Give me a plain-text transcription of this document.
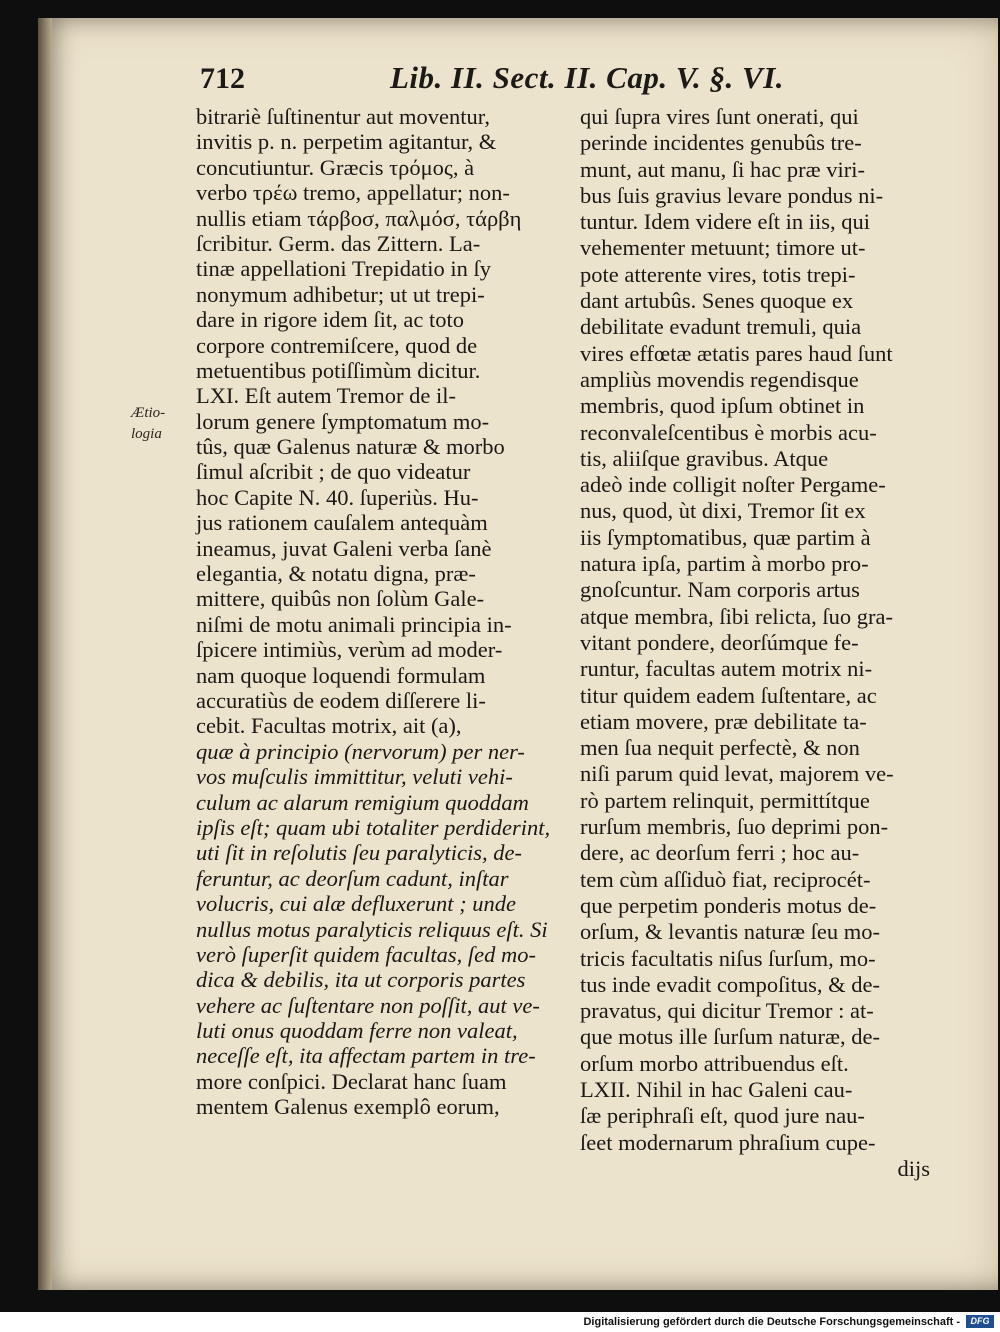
712	Lib. II. Sect. II. Cap. V. §. VI.
Ætio-
logia
bitrariè ſuſtinentur aut moventur,
invitis p. n. perpetim agitantur, &
concutiuntur. Græcis τρόμος, à
verbo τρέω tremo, appellatur; non-
nullis etiam τάρβοσ, παλμόσ, τάρβη
ſcribitur. Germ. das Zittern. La-
tinæ appellationi Trepidatio in ſy
nonymum adhibetur; ut ut trepi-
dare in rigore idem ſit, ac toto
corpore contremiſcere, quod de
metuentibus potiſſimùm dicitur.
LXI. Eſt autem Tremor de il-
lorum genere ſymptomatum mo-
tûs, quæ Galenus naturæ & morbo
ſimul aſcribit ; de quo videatur
hoc Capite N. 40. ſuperiùs. Hu-
jus rationem cauſalem antequàm
ineamus, juvat Galeni verba ſanè
elegantia, & notatu digna, præ-
mittere, quibûs non ſolùm Gale-
niſmi de motu animali principia in-
ſpicere intimiùs, verùm ad moder-
nam quoque loquendi formulam
accuratiùs de eodem diſſerere li-
cebit. Facultas motrix, ait (a),
quæ à principio (nervorum) per ner-
vos muſculis immittitur, veluti vehi-
culum ac alarum remigium quoddam
ipſis eſt; quam ubi totaliter perdiderint,
uti ſit in reſolutis ſeu paralyticis, de-
feruntur, ac deorſum cadunt, inſtar
volucris, cui alæ defluxerunt ; unde
nullus motus paralyticis reliquus eſt. Si
verò ſuperſit quidem facultas, ſed mo-
dica & debilis, ita ut corporis partes
vehere ac ſuſtentare non poſſit, aut ve-
luti onus quoddam ferre non valeat,
neceſſe eſt, ita affectam partem in tre-
more conſpici. Declarat hanc ſuam
mentem Galenus exemplô eorum,
qui ſupra vires ſunt onerati, qui
perinde incidentes genubûs tre-
munt, aut manu, ſi hac præ viri-
bus ſuis gravius levare pondus ni-
tuntur. Idem videre eſt in iis, qui
vehementer metuunt; timore ut-
pote atterente vires, totis trepi-
dant artubûs. Senes quoque ex
debilitate evadunt tremuli, quia
vires effœtæ ætatis pares haud ſunt
ampliùs movendis regendisque
membris, quod ipſum obtinet in
reconvaleſcentibus è morbis acu-
tis, aliiſque gravibus. Atque
adeò inde colligit noſter Pergame-
nus, quod, ùt dixi, Tremor ſit ex
iis ſymptomatibus, quæ partim à
natura ipſa, partim à morbo pro-
gnoſcuntur. Nam corporis artus
atque membra, ſibi relicta, ſuo gra-
vitant pondere, deorſúmque fe-
runtur, facultas autem motrix ni-
titur quidem eadem ſuſtentare, ac
etiam movere, præ debilitate ta-
men ſua nequit perfectè, & non
niſi parum quid levat, majorem ve-
rò partem relinquit, permittítque
rurſum membris, ſuo deprimi pon-
dere, ac deorſum ferri ; hoc au-
tem cùm aſſiduò fiat, reciprocét-
que perpetim ponderis motus de-
orſum, & levantis naturæ ſeu mo-
tricis facultatis niſus ſurſum, mo-
tus inde evadit compoſitus, & de-
pravatus, qui dicitur Tremor : at-
que motus ille ſurſum naturæ, de-
orſum morbo attribuendus eſt.
LXII. Nihil in hac Galeni cau-
ſæ periphraſi eſt, quod jure nau-
ſeet modernarum phraſium cupe-
dijs
Digitalisierung gefördert durch die Deutsche Forschungsgemeinschaft -	DFG
